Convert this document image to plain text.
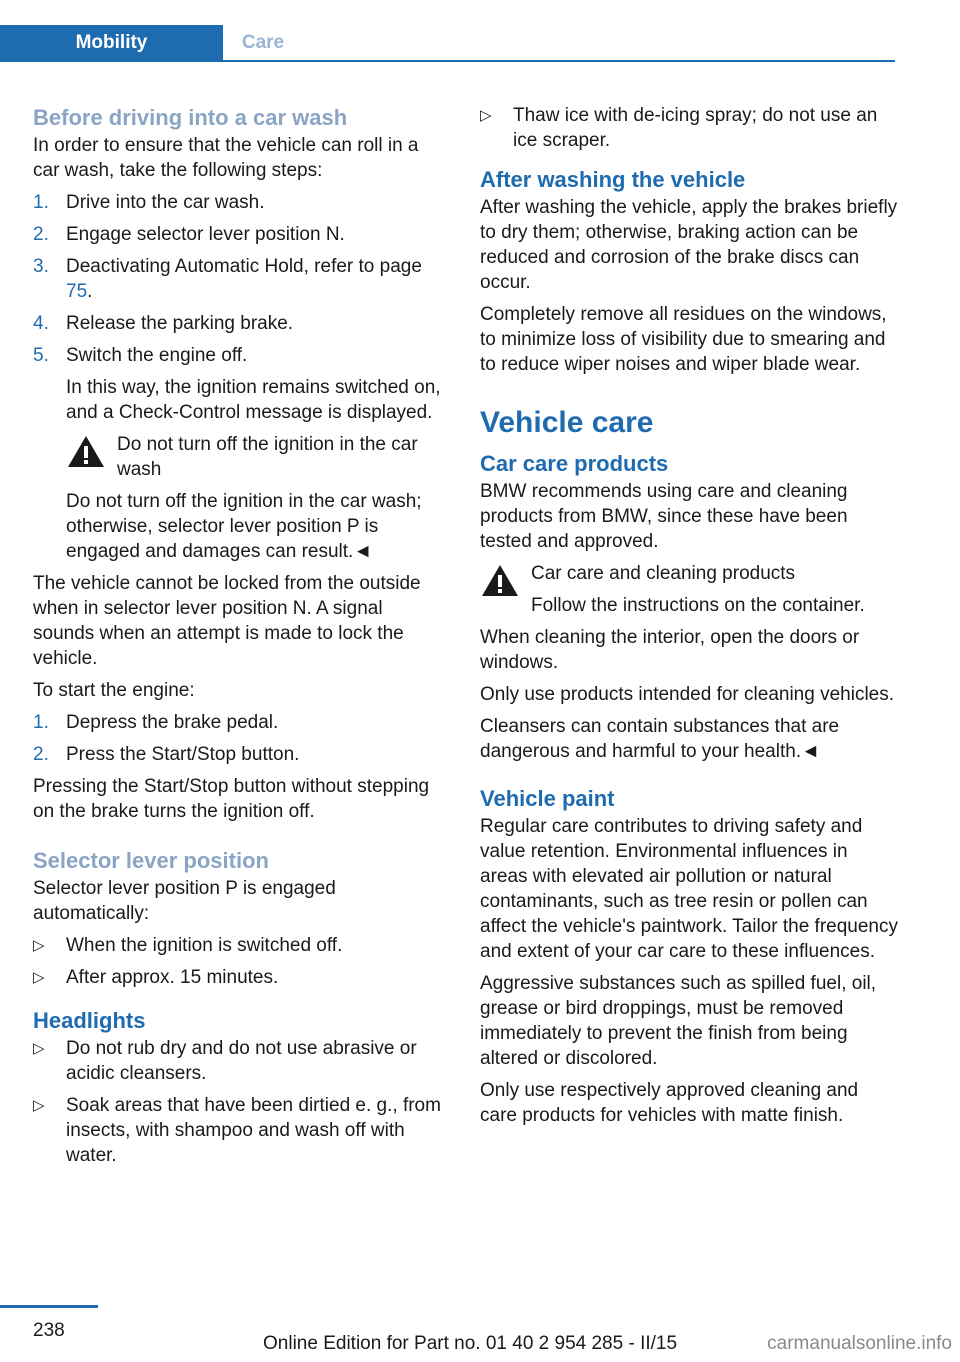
Mobility	Care
Before driving into a car wash

In order to ensure that the vehicle can roll in a car wash, take the following steps:

1. Drive into the car wash.
2. Engage selector lever position N.
3. Deactivating Automatic Hold, refer to page 75.
4. Release the parking brake.
5. Switch the engine off.

In this way, the ignition remains switched on, and a Check-Control message is displayed.

Do not turn off the ignition in the car wash

Do not turn off the ignition in the car wash; otherwise, selector lever position P is engaged and damages can result.◄

The vehicle cannot be locked from the outside when in selector lever position N. A signal sounds when an attempt is made to lock the vehicle.

To start the engine:

1. Depress the brake pedal.
2. Press the Start/Stop button.

Pressing the Start/Stop button without stepping on the brake turns the ignition off.

Selector lever position

Selector lever position P is engaged automatically:

▷ When the ignition is switched off.
▷ After approx. 15 minutes.
Headlights
▷ Do not rub dry and do not use abrasive or acidic cleansers.
▷ Soak areas that have been dirtied e. g., from insects, with shampoo and wash off with water.
▷ Thaw ice with de-icing spray; do not use an ice scraper.
After washing the vehicle

After washing the vehicle, apply the brakes briefly to dry them; otherwise, braking action can be reduced and corrosion of the brake discs can occur.

Completely remove all residues on the windows, to minimize loss of visibility due to smearing and to reduce wiper noises and wiper blade wear.

Vehicle care
Car care products

BMW recommends using care and cleaning products from BMW, since these have been tested and approved.

Car care and cleaning products

Follow the instructions on the container.

When cleaning the interior, open the doors or windows.

Only use products intended for cleaning vehicles.

Cleansers can contain substances that are dangerous and harmful to your health.◄

Vehicle paint

Regular care contributes to driving safety and value retention. Environmental influences in areas with elevated air pollution or natural contaminants, such as tree resin or pollen can affect the vehicle's paintwork. Tailor the frequency and extent of your car care to these influences.

Aggressive substances such as spilled fuel, oil, grease or bird droppings, must be removed immediately to prevent the finish from being altered or discolored.

Only use respectively approved cleaning and care products for vehicles with matte finish.

238
Online Edition for Part no. 01 40 2 954 285 - II/15	carmanualsonline.info
